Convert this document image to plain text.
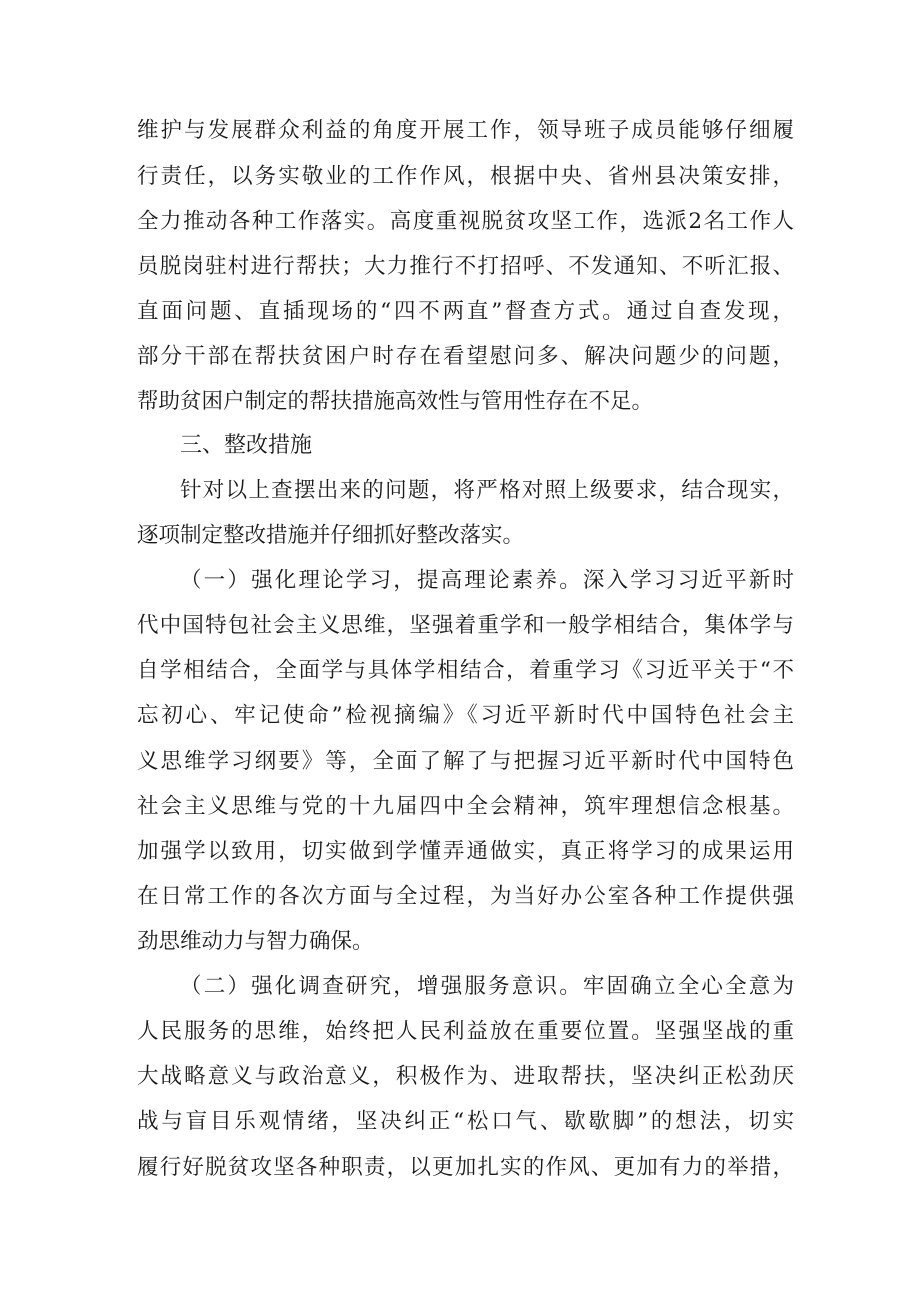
维护与发展群众利益的角度开展工作，领导班子成员能够仔细履
行责任，以务实敬业的工作作风，根据中央、省州县决策安排，
全力推动各种工作落实。高度重视脱贫攻坚工作，选派2名工作人
员脱岗驻村进行帮扶；大力推行不打招呼、不发通知、不听汇报、
直面问题、直插现场的“四不两直”督查方式。通过自查发现，
部分干部在帮扶贫困户时存在看望慰问多、解决问题少的问题，
帮助贫困户制定的帮扶措施高效性与管用性存在不足。
三、整改措施
针对以上查摆出来的问题，将严格对照上级要求，结合现实，
逐项制定整改措施并仔细抓好整改落实。
（一）强化理论学习，提高理论素养。深入学习习近平新时
代中国特包社会主义思维，坚强着重学和一般学相结合，集体学与
自学相结合，全面学与具体学相结合，着重学习《习近平关于“不
忘初心、牢记使命”检视摘编》《习近平新时代中国特色社会主
义思维学习纲要》等，全面了解了与把握习近平新时代中国特色
社会主义思维与党的十九届四中全会精神，筑牢理想信念根基。
加强学以致用，切实做到学懂弄通做实，真正将学习的成果运用
在日常工作的各次方面与全过程，为当好办公室各种工作提供强
劲思维动力与智力确保。
（二）强化调查研究，增强服务意识。牢固确立全心全意为
人民服务的思维，始终把人民利益放在重要位置。坚强坚战的重
大战略意义与政治意义，积极作为、进取帮扶，坚决纠正松劲厌
战与盲目乐观情绪，坚决纠正“松口气、歇歇脚”的想法，切实
履行好脱贫攻坚各种职责，以更加扎实的作风、更加有力的举措，
